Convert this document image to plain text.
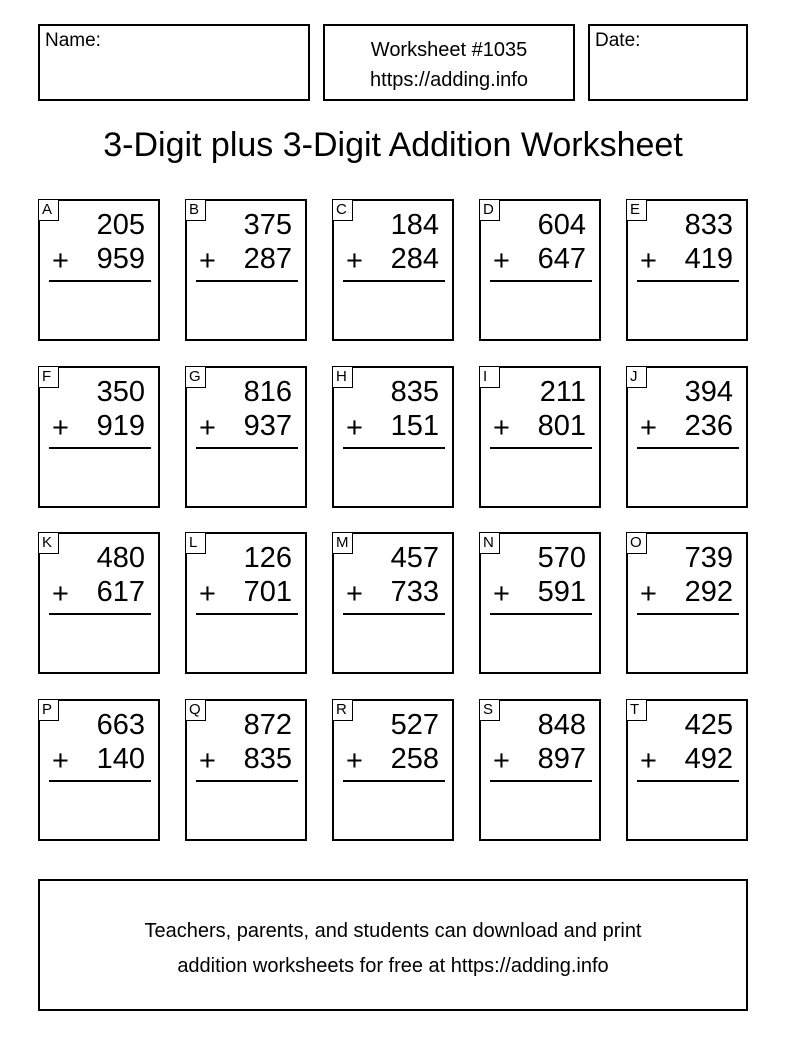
Name:	Worksheet #1035
https://adding.info
Date:
3-Digit plus 3-Digit Addition Worksheet
A 205
+ 959
B 375
+ 287
C 184
+ 284
D 604
+ 647
E 833
+ 419
F 350
+ 919
G 816
+ 937
H 835
+ 151
I	211
+ 801
J	394
+ 236
K 480
+ 617
L 126
+ 701
M 457
+ 733
N 570
+ 591
O 739
+ 292
P 663
+ 140
Q 872
+ 835
R 527
+ 258
S 848
+ 897
T 425
+ 492
Teachers, parents, and students can download and print
addition worksheets for free at https://adding.info
